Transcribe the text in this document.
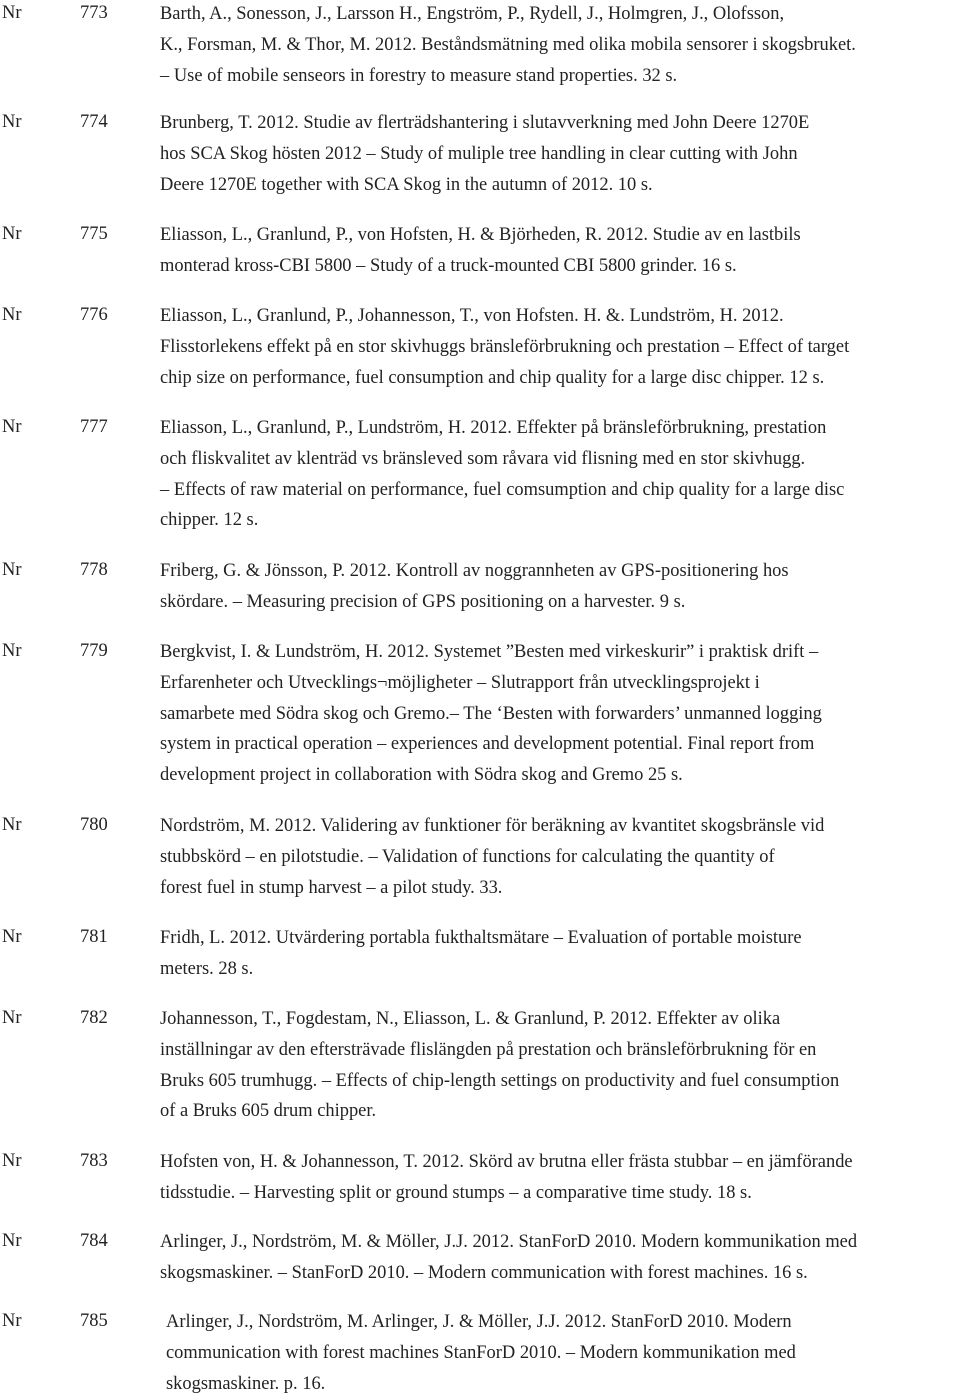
Nr	773	Barth, A., Sonesson, J., Larsson H., Engström, P., Rydell, J., Holmgren, J., Olofsson,
K., Forsman, M. & Thor, M. 2012. Beståndsmätning med olika mobila sensorer i skogsbruket.
– Use of mobile senseors in forestry to measure stand properties. 32 s.
Nr	774	Brunberg, T. 2012. Studie av flerträdshantering i slutavverkning med John Deere 1270E
hos SCA Skog hösten 2012 – Study of muliple tree handling in clear cutting with John
Deere 1270E together with SCA Skog in the autumn of 2012. 10 s.
Nr	775	Eliasson, L., Granlund, P., von Hofsten, H. & Björheden, R. 2012. Studie av en lastbils
monterad kross-CBI 5800 – Study of a truck-mounted CBI 5800 grinder. 16 s.
Nr	776	Eliasson, L., Granlund, P., Johannesson, T., von Hofsten. H. &. Lundström, H. 2012.
Flisstorlekens effekt på en stor skivhuggs bränsleförbrukning och prestation – Effect of target
chip size on performance, fuel consumption and chip quality for a large disc chipper. 12 s.
Nr	777	Eliasson, L., Granlund, P., Lundström, H. 2012. Effekter på bränsleförbrukning, prestation
och fliskvalitet av klenträd vs bränsleved som råvara vid flisning med en stor skivhugg.
– Effects of raw material on performance, fuel comsumption and chip quality for a large disc
chipper. 12 s.
Nr	778	Friberg, G. & Jönsson, P. 2012. Kontroll av noggrannheten av GPS-positionering hos
skördare. – Measuring precision of GPS positioning on a harvester. 9 s.
Nr	779	Bergkvist, I. & Lundström, H. 2012. Systemet ”Besten med virkeskurir” i praktisk drift –
Erfarenheter och Utvecklings¬möjligheter – Slutrapport från utvecklingsprojekt i
samarbete med Södra skog och Gremo.– The ‘Besten with forwarders’ unmanned logging
system in practical operation – experiences and development potential. Final report from
development project in collaboration with Södra skog and Gremo 25 s.
Nr	780	Nordström, M. 2012. Validering av funktioner för beräkning av kvantitet skogsbränsle vid
stubbskörd – en pilotstudie. – Validation of functions for calculating the quantity of
forest fuel in stump harvest – a pilot study. 33.
Nr	781	Fridh, L. 2012. Utvärdering portabla fukthaltsmätare – Evaluation of portable moisture
meters. 28 s.
Nr	782	Johannesson, T., Fogdestam, N., Eliasson, L. & Granlund, P. 2012. Effekter av olika
inställningar av den eftersträvade flislängden på prestation och bränsleförbrukning för en
Bruks 605 trumhugg. – Effects of chip-length settings on productivity and fuel consumption
of a Bruks 605 drum chipper.
Nr	783	Hofsten von, H. & Johannesson, T. 2012. Skörd av brutna eller frästa stubbar – en jämförande
tidsstudie. – Harvesting split or ground stumps – a comparative time study. 18 s.
Nr	784	Arlinger, J., Nordström, M. & Möller, J.J. 2012. StanForD 2010. Modern kommunikation med
skogsmaskiner. – StanForD 2010. – Modern communication with forest machines. 16 s.
Nr	785	Arlinger, J., Nordström, M. Arlinger, J. & Möller, J.J. 2012. StanForD 2010. Modern
communication with forest machines StanForD 2010. – Modern kommunikation med
skogsmaskiner. p. 16.
